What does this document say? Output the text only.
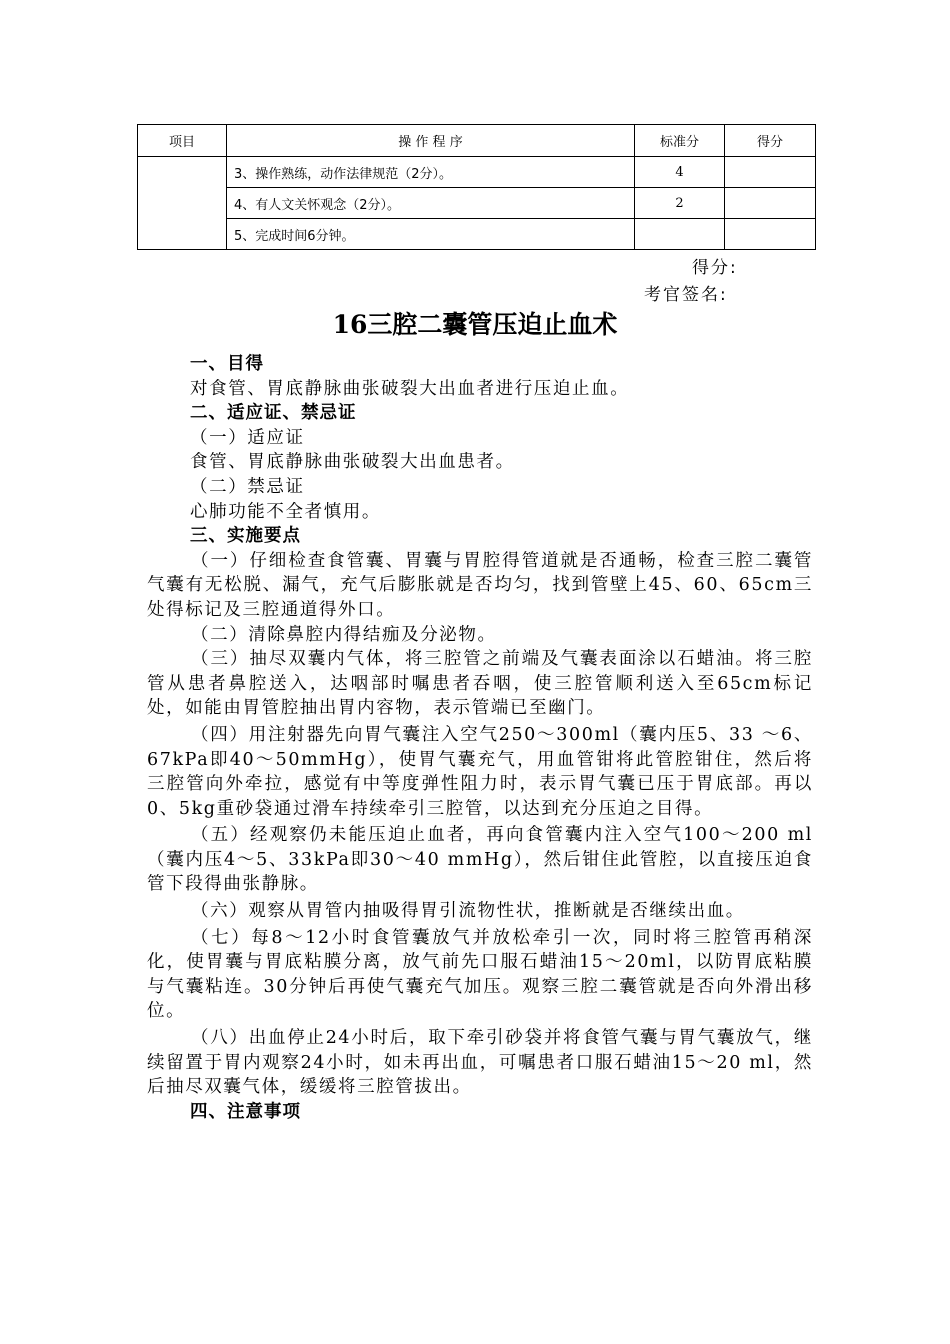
项目	操 作 程 序	标准分	得分
	3、操作熟练，动作法律规范（2分）。	4	
	4、有人文关怀观念（2分）。	2	
	5、完成时间6分钟。		
得分:
考官签名:
16三腔二囊管压迫止血术

一、目得

对食管、胃底静脉曲张破裂大出血者进行压迫止血。

二、适应证、禁忌证

（一）适应证

食管、胃底静脉曲张破裂大出血患者。

（二）禁忌证

心肺功能不全者慎用。

三、实施要点

（一）仔细检查食管囊、胃囊与胃腔得管道就是否通畅，检查三腔二囊管气囊有无松脱、漏气，充气后膨胀就是否均匀，找到管壁上45、60、65cm三处得标记及三腔通道得外口。

（二）清除鼻腔内得结痂及分泌物。

（三）抽尽双囊内气体，将三腔管之前端及气囊表面涂以石蜡油。将三腔管从患者鼻腔送入，达咽部时嘱患者吞咽，使三腔管顺利送入至65cm标记处，如能由胃管腔抽出胃内容物，表示管端已至幽门。

（四）用注射器先向胃气囊注入空气250～300ml（囊内压5、33 ～6、67kPa即40～50mmHg），使胃气囊充气，用血管钳将此管腔钳住，然后将三腔管向外牵拉，感觉有中等度弹性阻力时，表示胃气囊已压于胃底部。再以0、5kg重砂袋通过滑车持续牵引三腔管，以达到充分压迫之目得。

（五）经观察仍未能压迫止血者，再向食管囊内注入空气100～200 ml（囊内压4～5、33kPa即30～40 mmHg），然后钳住此管腔，以直接压迫食管下段得曲张静脉。

（六）观察从胃管内抽吸得胃引流物性状，推断就是否继续出血。

（七）每8～12小时食管囊放气并放松牵引一次，同时将三腔管再稍深化，使胃囊与胃底粘膜分离，放气前先口服石蜡油15～20ml，以防胃底粘膜与气囊粘连。30分钟后再使气囊充气加压。观察三腔二囊管就是否向外滑出移位。

（八）出血停止24小时后，取下牵引砂袋并将食管气囊与胃气囊放气，继续留置于胃内观察24小时，如未再出血，可嘱患者口服石蜡油15～20 ml，然后抽尽双囊气体，缓缓将三腔管拔出。

四、注意事项
